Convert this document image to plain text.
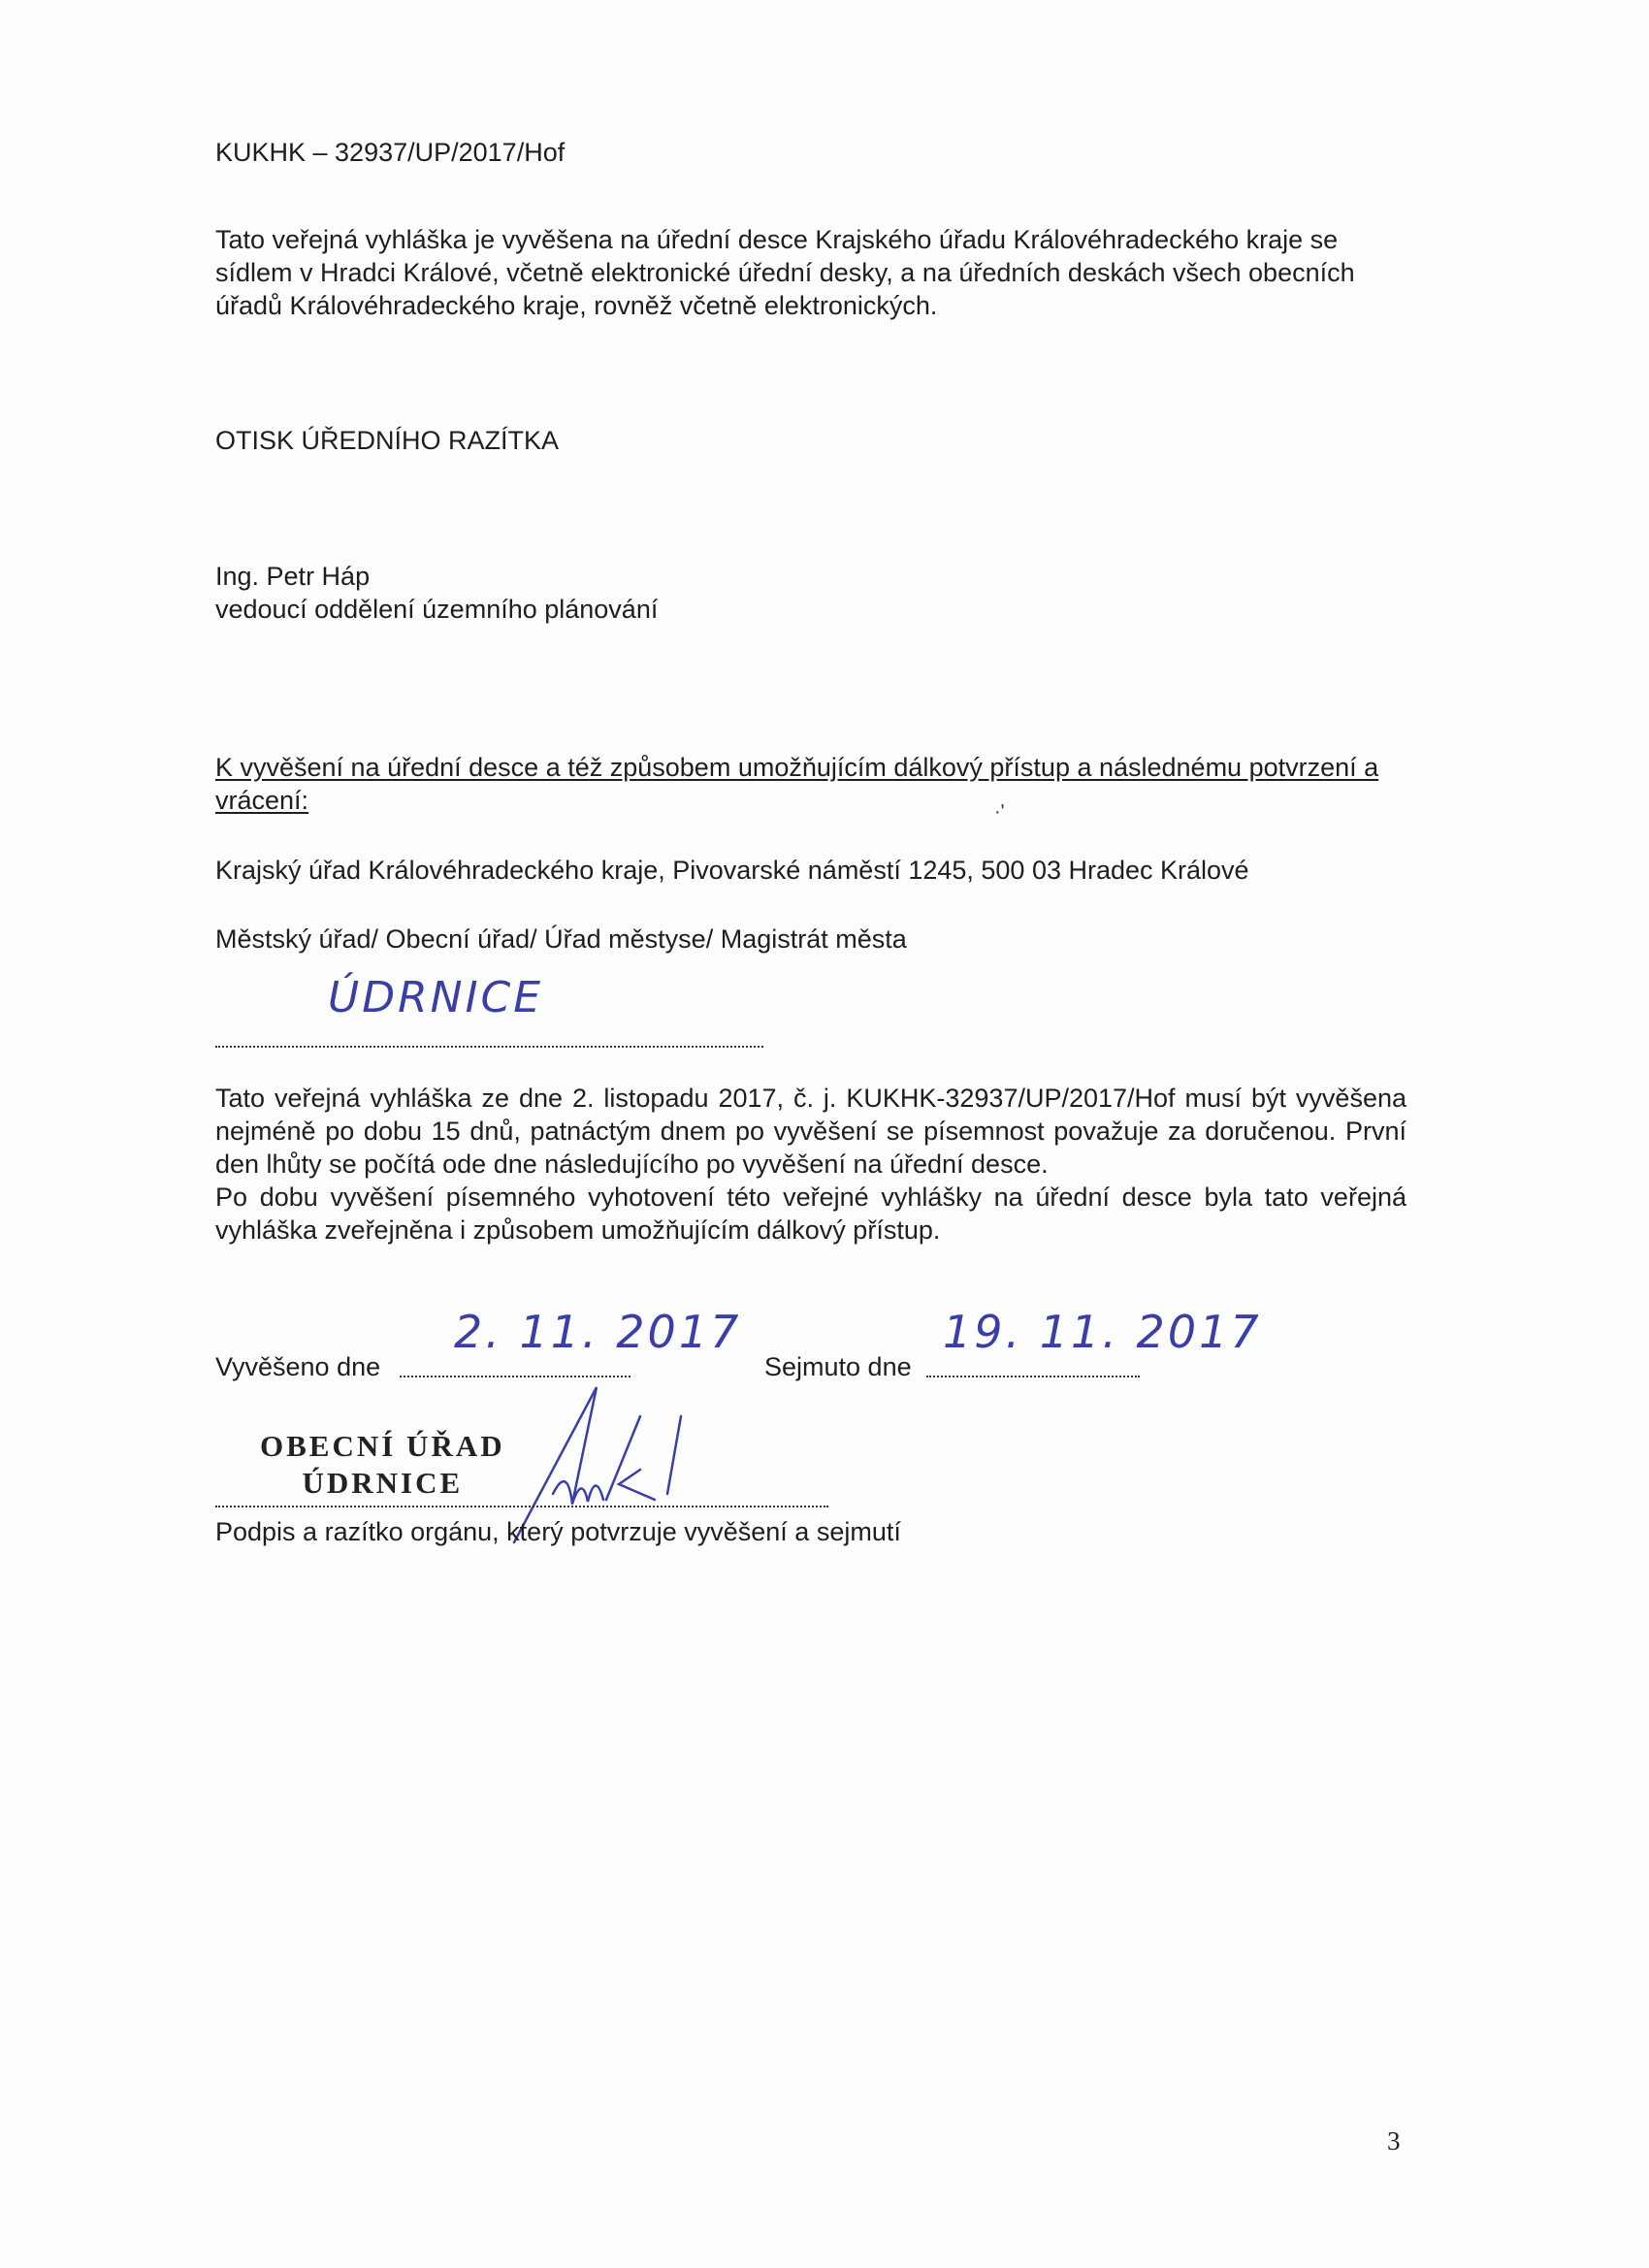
KUKHK – 32937/UP/2017/Hof
Tato veřejná vyhláška je vyvěšena na úřední desce Krajského úřadu Královéhradeckého kraje se sídlem v Hradci Králové, včetně elektronické úřední desky, a na úředních deskách všech obecních úřadů Královéhradeckého kraje, rovněž včetně elektronických.
OTISK ÚŘEDNÍHO RAZÍTKA
Ing. Petr Háp
vedoucí oddělení územního plánování
K vyvěšení na úřední desce a též způsobem umožňujícím dálkový přístup a následnému potvrzení a vrácení:	·'
Krajský úřad Královéhradeckého kraje, Pivovarské náměstí 1245, 500 03 Hradec Králové
Městský úřad/ Obecní úřad/ Úřad městyse/ Magistrát města
ÚDRNICE

Tato veřejná vyhláška ze dne 2. listopadu 2017, č. j. KUKHK-32937/UP/2017/Hof musí být vyvěšena nejméně po dobu 15 dnů, patnáctým dnem po vyvěšení se písemnost považuje za doručenou. První den lhůty se počítá ode dne následujícího po vyvěšení na úřední desce.

Po dobu vyvěšení písemného vyhotovení této veřejné vyhlášky na úřední desce byla tato veřejná vyhláška zveřejněna i způsobem umožňujícím dálkový přístup.

Vyvěšeno dne
2. 11. 2017
Sejmuto dne
19. 11. 2017
OBECNÍ ÚŘAD
ÚDRNICE
Podpis a razítko orgánu, který potvrzuje vyvěšení a sejmutí
3
